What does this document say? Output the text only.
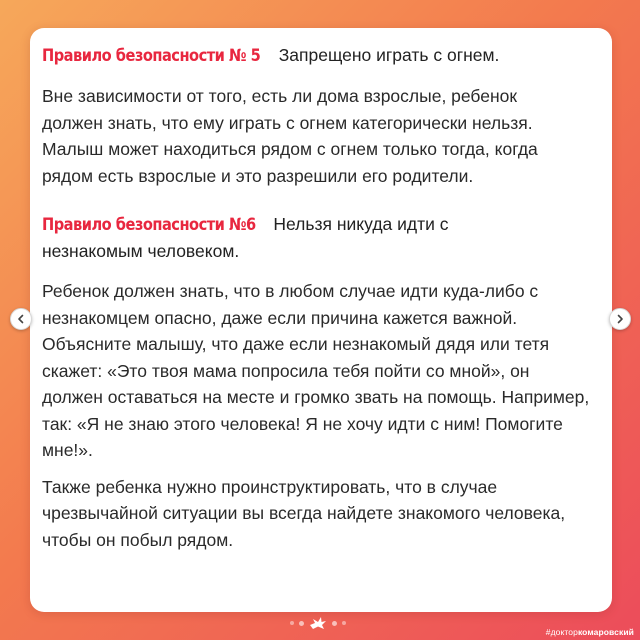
Правило безопасности № 5 Запрещено играть с огнем.

Вне зависимости от того, есть ли дома взрослые, ребенок должен знать, что ему играть с огнем категорически нельзя. Малыш может находиться рядом с огнем только тогда, когда рядом есть взрослые и это разрешили его родители.

Правило безопасности №6 Нельзя никуда идти с незнакомым человеком.

Ребенок должен знать, что в любом случае идти куда-либо с незнакомцем опасно, даже если причина кажется важной. Объясните малышу, что даже если незнакомый дядя или тетя скажет: «Это твоя мама попросила тебя пойти со мной», он должен оставаться на месте и громко звать на помощь. Например, так: «Я не знаю этого человека! Я не хочу идти с ним! Помогите мне!».

Также ребенка нужно проинструктировать, что в случае чрезвычайной ситуации вы всегда найдете знакомого человека, чтобы он побыл рядом.

#докторкомаровский
